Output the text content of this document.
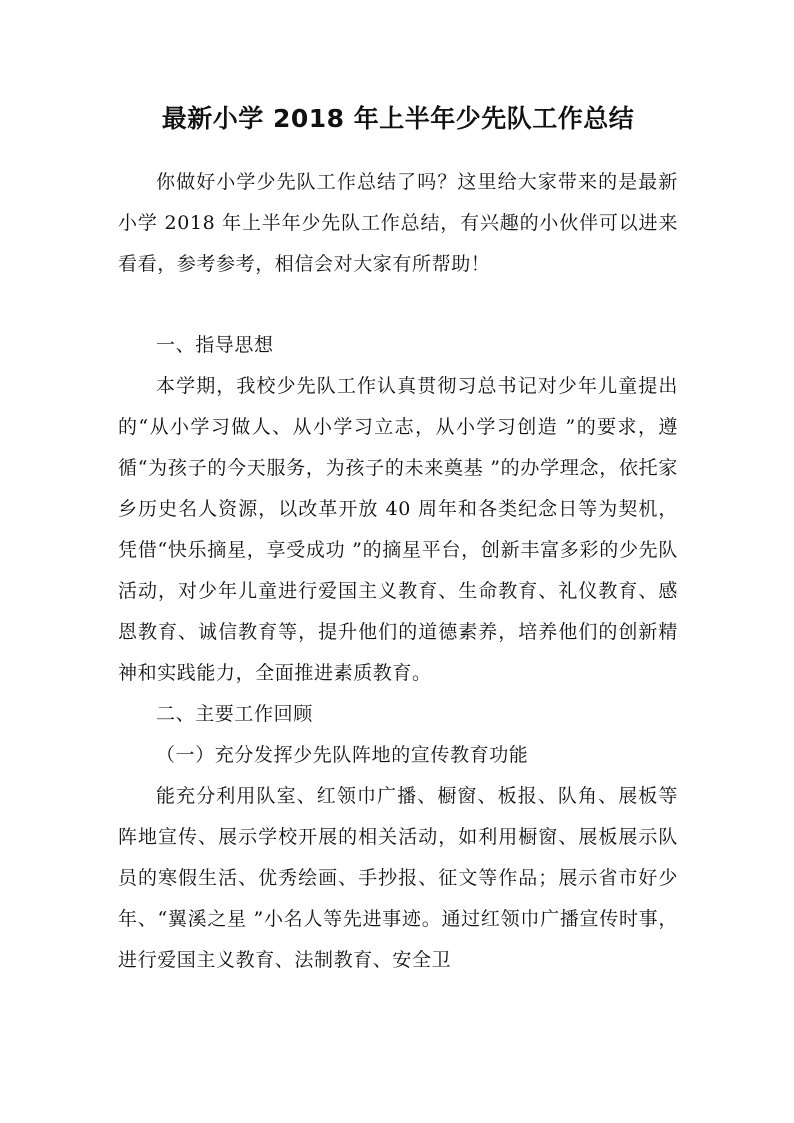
最新小学 2018 年上半年少先队工作总结

你做好小学少先队工作总结了吗？这里给大家带来的是最新小学 2018 年上半年少先队工作总结，有兴趣的小伙伴可以进来看看，参考参考，相信会对大家有所帮助！

一、指导思想

本学期，我校少先队工作认真贯彻习总书记对少年儿童提出的“从小学习做人、从小学习立志，从小学习创造 ”的要求，遵循“为孩子的今天服务，为孩子的未来奠基 ”的办学理念，依托家乡历史名人资源，以改革开放 40 周年和各类纪念日等为契机，凭借“快乐摘星，享受成功 ”的摘星平台，创新丰富多彩的少先队活动，对少年儿童进行爱国主义教育、生命教育、礼仪教育、感恩教育、诚信教育等，提升他们的道德素养，培养他们的创新精神和实践能力，全面推进素质教育。

二、主要工作回顾

（一）充分发挥少先队阵地的宣传教育功能

能充分利用队室、红领巾广播、橱窗、板报、队角、展板等阵地宣传、展示学校开展的相关活动，如利用橱窗、展板展示队员的寒假生活、优秀绘画、手抄报、征文等作品；展示省市好少年、“翼溪之星 ”小名人等先进事迹。通过红领巾广播宣传时事，进行爱国主义教育、法制教育、安全卫
